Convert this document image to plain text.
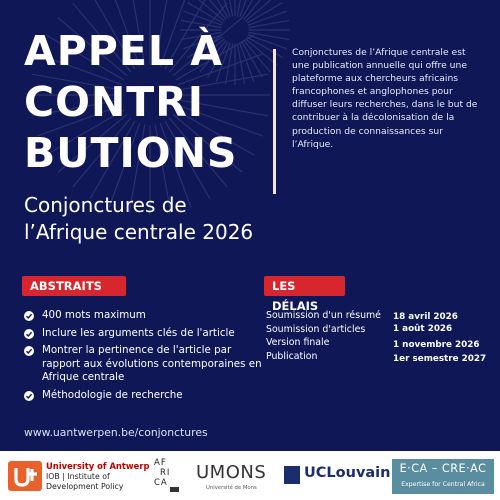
APPEL À
CONTRI
BUTIONS
Conjonctures de
l’Afrique centrale 2026
Conjonctures de l’Afrique centrale est une publication annuelle qui offre une plateforme aux chercheurs africains francophones et anglophones pour diffuser leurs recherches, dans le but de contribuer à la décolonisation de la production de connaissances sur l’Afrique.
ABSTRAITS
400 mots maximum
Inclure les arguments clés de l'article
Montrer la pertinence de l'article par rapport aux évolutions contemporaines en Afrique centrale
Méthodologie de recherche
LES DÉLAIS
Soumission d'un résumé 18 avril 2026
Soumission d'articles	1 août 2026
Version finale	1 novembre 2026
Publication	1er semestre 2027
www.uantwerpen.be/conjonctures
University of Antwerp
IOB | Institute of
Development Policy
AF
RI
CA UMONS
Université de Mons
UCLouvain E·CA – CRE·AC
Expertise for Central Africa
